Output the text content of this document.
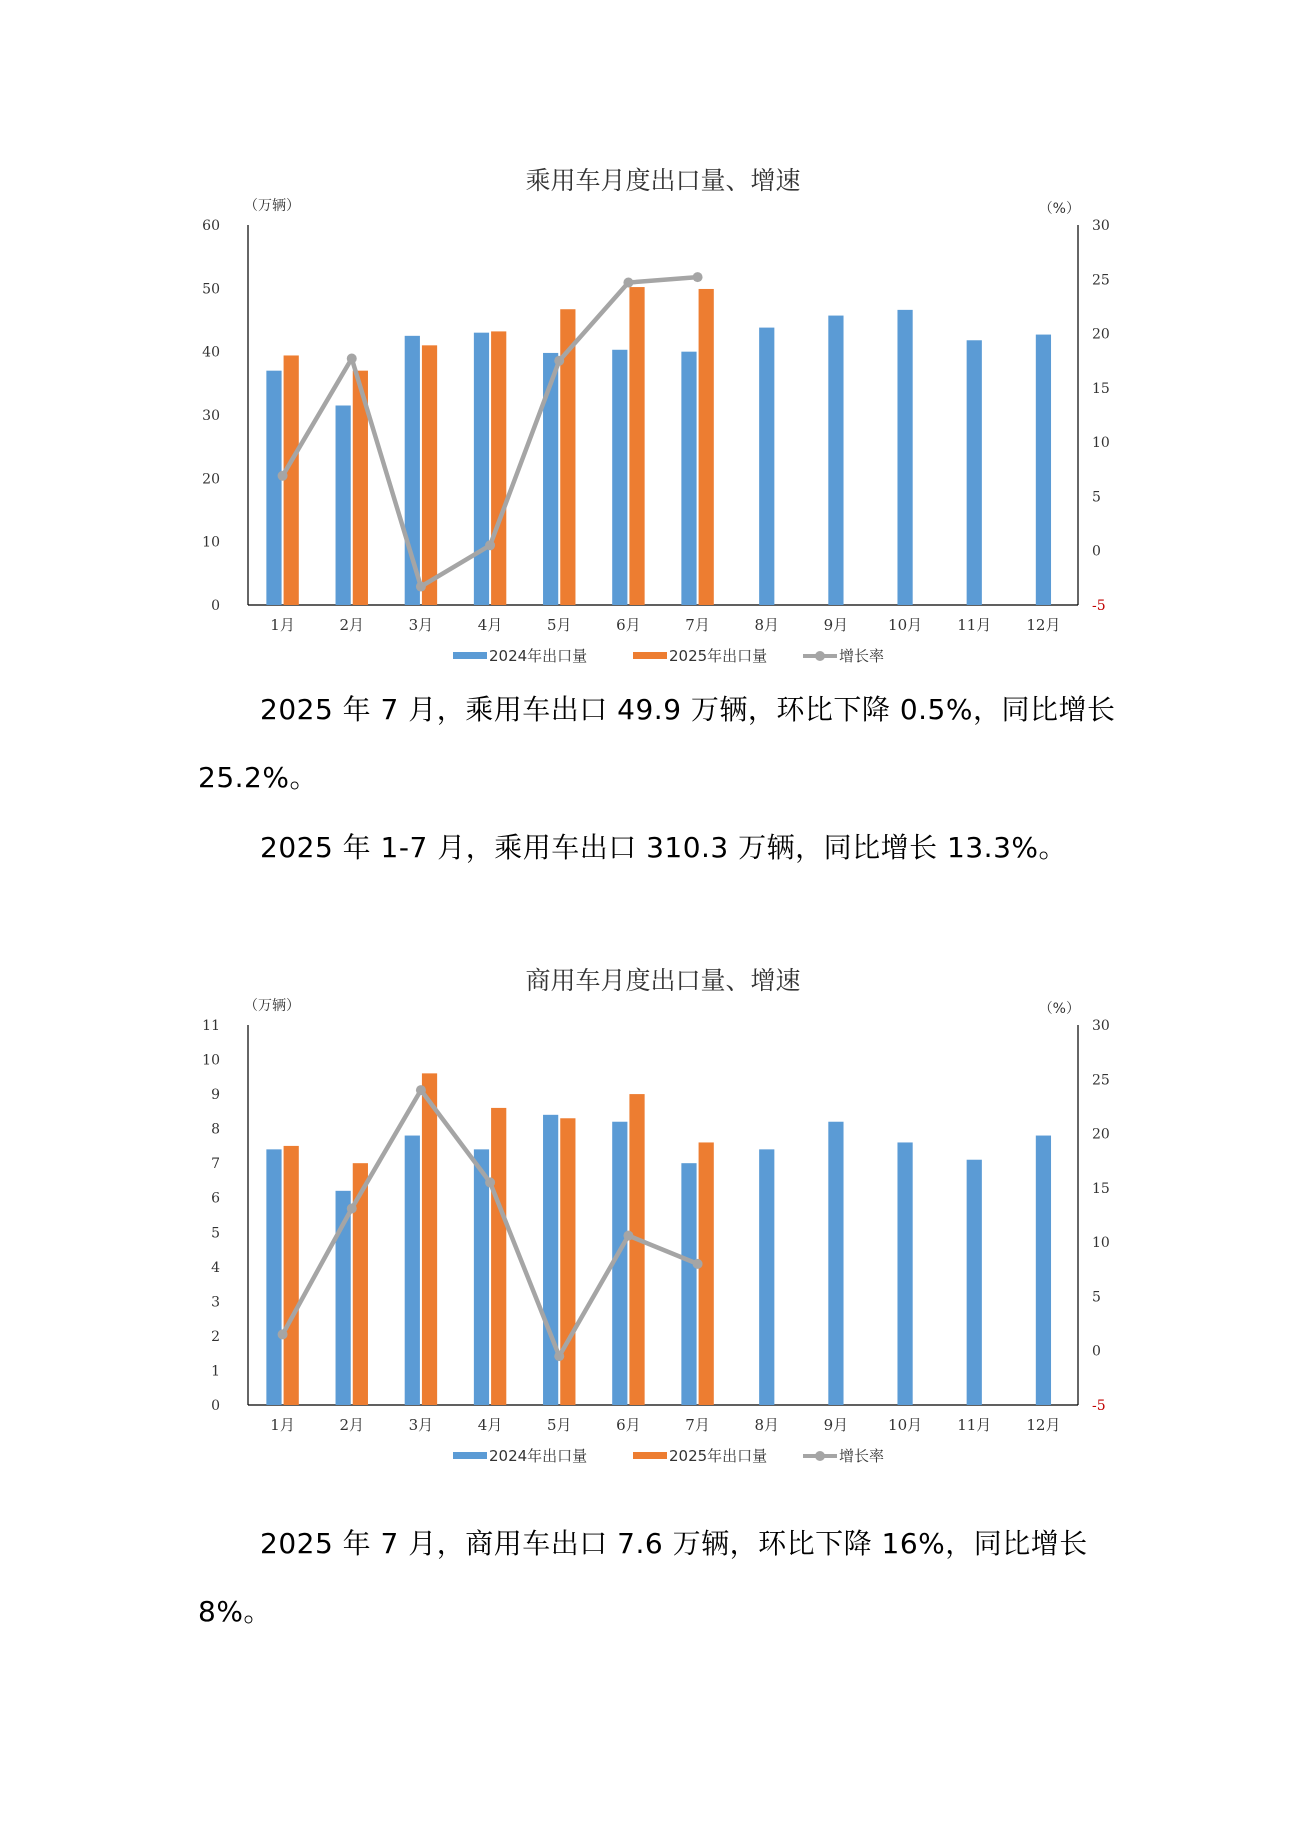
乘用车月度出口量、增速
（万辆）	（%）
0
10
20
30
40
50
60
-5
0
5
10
15
20
25
30
1月	2月	3月	4月	5月	6月	7月	8月	9月	10月 11月 12月
2024年出口量	2025年出口量	增长率

2025 年 7 月，乘用车出口 49.9 万辆，环比下降 0.5%，同比增长 25.2%。

2025 年 1-7 月，乘用车出口 310.3 万辆，同比增长 13.3%。

商用车月度出口量、增速
（万辆）	（%）
0
1
2
3
4
5
6
7
8
9
10
11
-5
0
5
10
15
20
25
30
1月	2月	3月	4月	5月	6月	7月	8月	9月	10月 11月 12月
2024年出口量	2025年出口量	增长率

2025 年 7 月，商用车出口 7.6 万辆，环比下降 16%，同比增长 8%。
